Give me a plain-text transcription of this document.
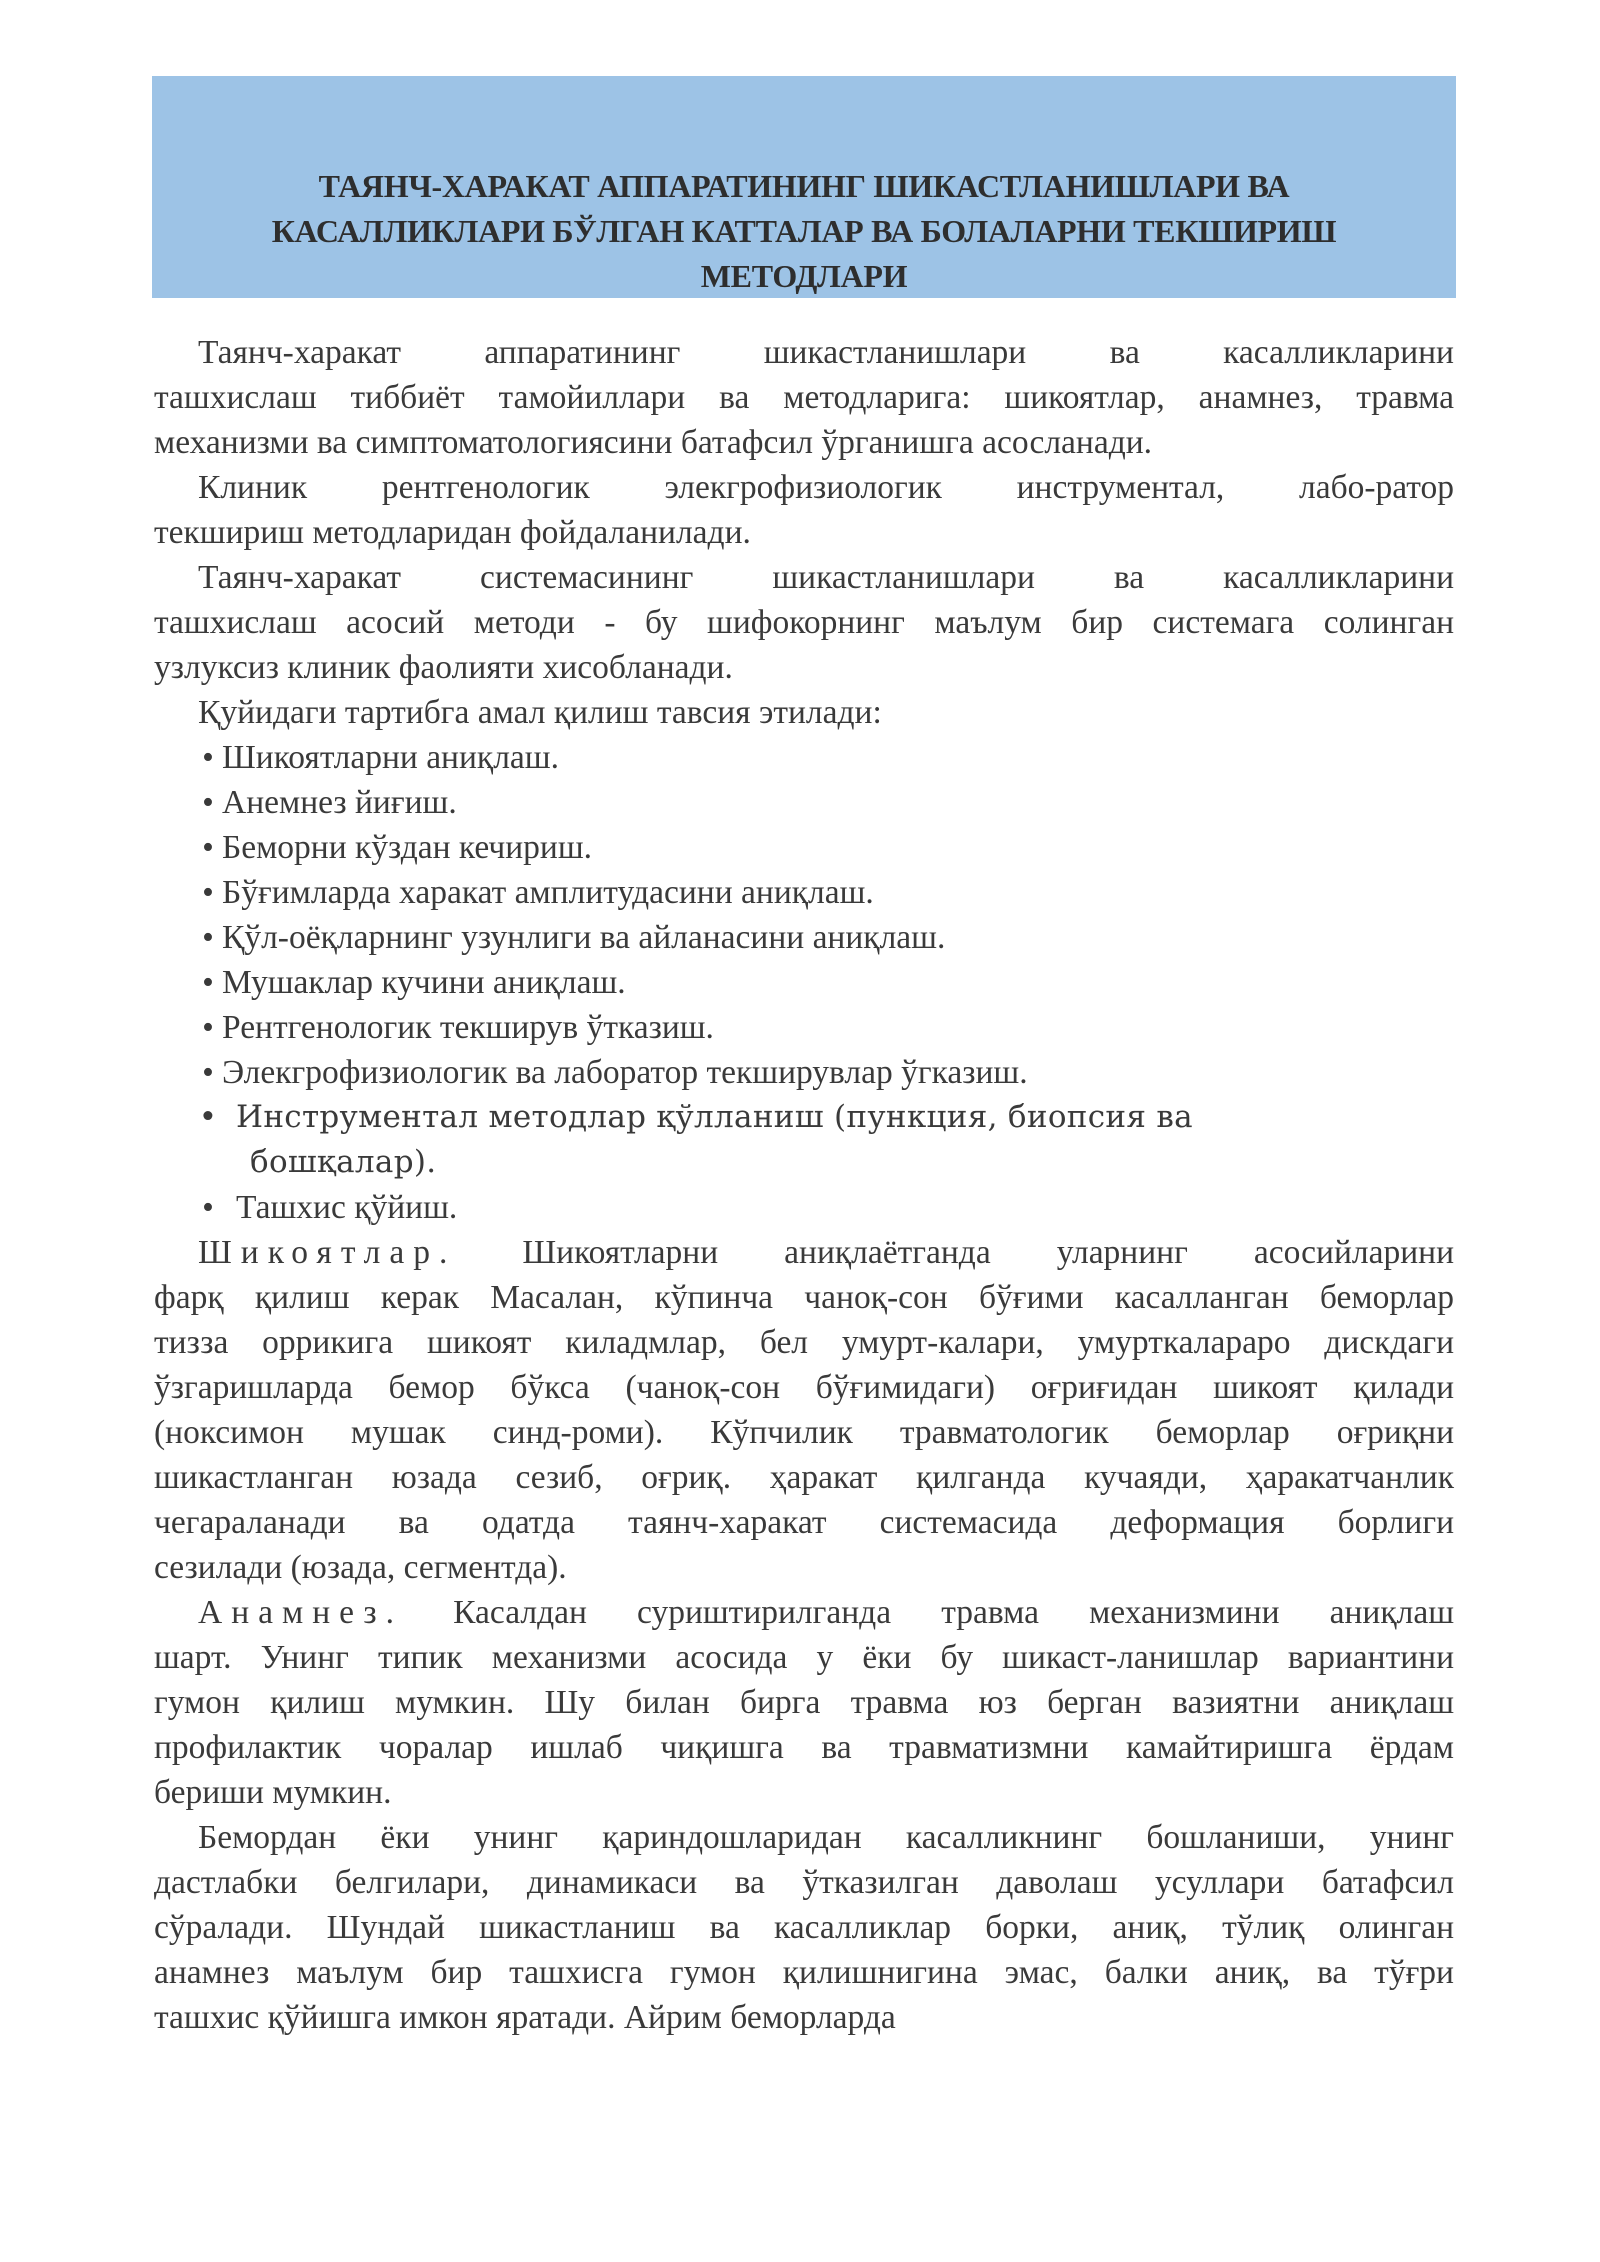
ТАЯНЧ-ХАРАКАТ АППАРАТИНИНГ ШИКАСТЛАНИШЛАРИ ВА
КАСАЛЛИКЛАРИ БЎЛГАН КАТТАЛАР ВА БОЛАЛАРНИ ТЕКШИРИШ
МЕТОДЛАРИ

Таянч-харакат аппаратининг шикастланишлари ва касалликларини
ташхислаш тиббиёт тамойиллари ва методларига: шикоятлар, анамнез, травма
механизми ва симптоматологиясини батафсил ўрганишга асосланади.

Клиник рентгенологик элекгрофизиологик инструментал, лабо-ратор
текшириш методларидан фойдаланилади.

Таянч-харакат системасининг шикастланишлари ва касалликларини
ташхислаш асосий методи - бу шифокорнинг маълум бир системага солинган
узлуксиз клиник фаолияти хисобланади.

Қуйидаги тартибга амал қилиш тавсия этилади:

• Шикоятларни аниқлаш.
• Анемнез йиғиш.
• Беморни кўздан кечириш.
• Бўғимларда харакат амплитудасини аниқлаш.
• Қўл-оёқларнинг узунлиги ва айланасини аниқлаш.
• Мушаклар кучини аниқлаш.
• Рентгенологик текширув ўтказиш.
• Элекгрофизиологик ва лаборатор текширувлар ўгказиш.
• Инструментал методлар қўлланиш (пункция, биопсия ва
бошқалар).
• Ташхис қўйиш.

Шикоятлар. Шикоятларни аниқлаётганда уларнинг асосийларини
фарқ қилиш керак Масалан, кўпинча чаноқ-сон бўғими касалланган беморлар
тизза оррикига шикоят киладмлар, бел умурт-калари, умурткалараро дискдаги
ўзгаришларда бемор бўкса (чаноқ-сон бўғимидаги) оғриғидан шикоят қилади
(ноксимон мушак синд-роми). Кўпчилик травматологик беморлар оғриқни
шикастланган юзада сезиб, оғриқ. ҳаракат қилганда кучаяди, ҳаракатчанлик
чегараланади ва одатда таянч-харакат системасида деформация борлиги
сезилади (юзада, сегментда).

Анамнез. Касалдан суриштирилганда травма механизмини аниқлаш
шарт. Унинг типик механизми асосида у ёки бу шикаст-ланишлар вариантини
гумон қилиш мумкин. Шу билан бирга травма юз берган вазиятни аниқлаш
профилактик чоралар ишлаб чиқишга ва травматизмни камайтиришга ёрдам
бериши мумкин.

Бемордан ёки унинг қариндошларидан касалликнинг бошланиши, унинг
дастлабки белгилари, динамикаси ва ўтказилган даволаш усуллари батафсил
сўралади. Шундай шикастланиш ва касалликлар борки, аниқ, тўлиқ олинган
анамнез маълум бир ташхисга гумон қилишнигина эмас, балки аниқ, ва тўғри
ташхис қўйишга имкон яратади. Айрим беморларда
